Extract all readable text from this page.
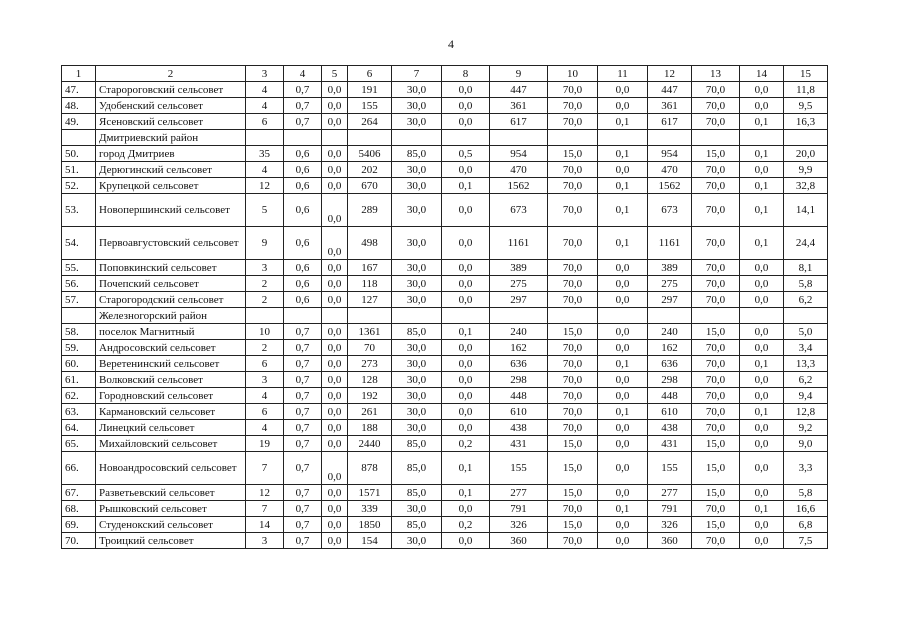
4
1	2	3	4	5	6	7	8	9	10	11	12	13	14	15
47.	Старороговский сельсовет	4	0,7	0,0	191	30,0	0,0	447	70,0	0,0	447	70,0	0,0	11,8
48.	Удобенский сельсовет	4	0,7	0,0	155	30,0	0,0	361	70,0	0,0	361	70,0	0,0	9,5
49.	Ясеновский сельсовет	6	0,7	0,0	264	30,0	0,0	617	70,0	0,1	617	70,0	0,1	16,3
	Дмитриевский район													
50.	город Дмитриев	35	0,6	0,0	5406	85,0	0,5	954	15,0	0,1	954	15,0	0,1	20,0
51.	Дерюгинский сельсовет	4	0,6	0,0	202	30,0	0,0	470	70,0	0,0	470	70,0	0,0	9,9
52.	Крупецкой сельсовет	12	0,6	0,0	670	30,0	0,1	1562	70,0	0,1	1562	70,0	0,1	32,8
53.	Новопершинский сельсовет	5	0,6	0,0	289	30,0	0,0	673	70,0	0,1	673	70,0	0,1	14,1
54.	Первоавгустовский сельсовет	9	0,6	0,0	498	30,0	0,0	1161	70,0	0,1	1161	70,0	0,1	24,4
55.	Поповкинский сельсовет	3	0,6	0,0	167	30,0	0,0	389	70,0	0,0	389	70,0	0,0	8,1
56.	Почепский сельсовет	2	0,6	0,0	118	30,0	0,0	275	70,0	0,0	275	70,0	0,0	5,8
57.	Старогородский сельсовет	2	0,6	0,0	127	30,0	0,0	297	70,0	0,0	297	70,0	0,0	6,2
	Железногорский район													
58.	поселок Магнитный	10	0,7	0,0	1361	85,0	0,1	240	15,0	0,0	240	15,0	0,0	5,0
59.	Андросовский сельсовет	2	0,7	0,0	70	30,0	0,0	162	70,0	0,0	162	70,0	0,0	3,4
60.	Веретенинский сельсовет	6	0,7	0,0	273	30,0	0,0	636	70,0	0,1	636	70,0	0,1	13,3
61.	Волковский сельсовет	3	0,7	0,0	128	30,0	0,0	298	70,0	0,0	298	70,0	0,0	6,2
62.	Городновский сельсовет	4	0,7	0,0	192	30,0	0,0	448	70,0	0,0	448	70,0	0,0	9,4
63.	Кармановский сельсовет	6	0,7	0,0	261	30,0	0,0	610	70,0	0,1	610	70,0	0,1	12,8
64.	Линецкий сельсовет	4	0,7	0,0	188	30,0	0,0	438	70,0	0,0	438	70,0	0,0	9,2
65.	Михайловский сельсовет	19	0,7	0,0	2440	85,0	0,2	431	15,0	0,0	431	15,0	0,0	9,0
66.	Новоандросовский сельсовет	7	0,7	0,0	878	85,0	0,1	155	15,0	0,0	155	15,0	0,0	3,3
67.	Разветьевский сельсовет	12	0,7	0,0	1571	85,0	0,1	277	15,0	0,0	277	15,0	0,0	5,8
68.	Рышковский сельсовет	7	0,7	0,0	339	30,0	0,0	791	70,0	0,1	791	70,0	0,1	16,6
69.	Студенокский сельсовет	14	0,7	0,0	1850	85,0	0,2	326	15,0	0,0	326	15,0	0,0	6,8
70.	Троицкий сельсовет	3	0,7	0,0	154	30,0	0,0	360	70,0	0,0	360	70,0	0,0	7,5
